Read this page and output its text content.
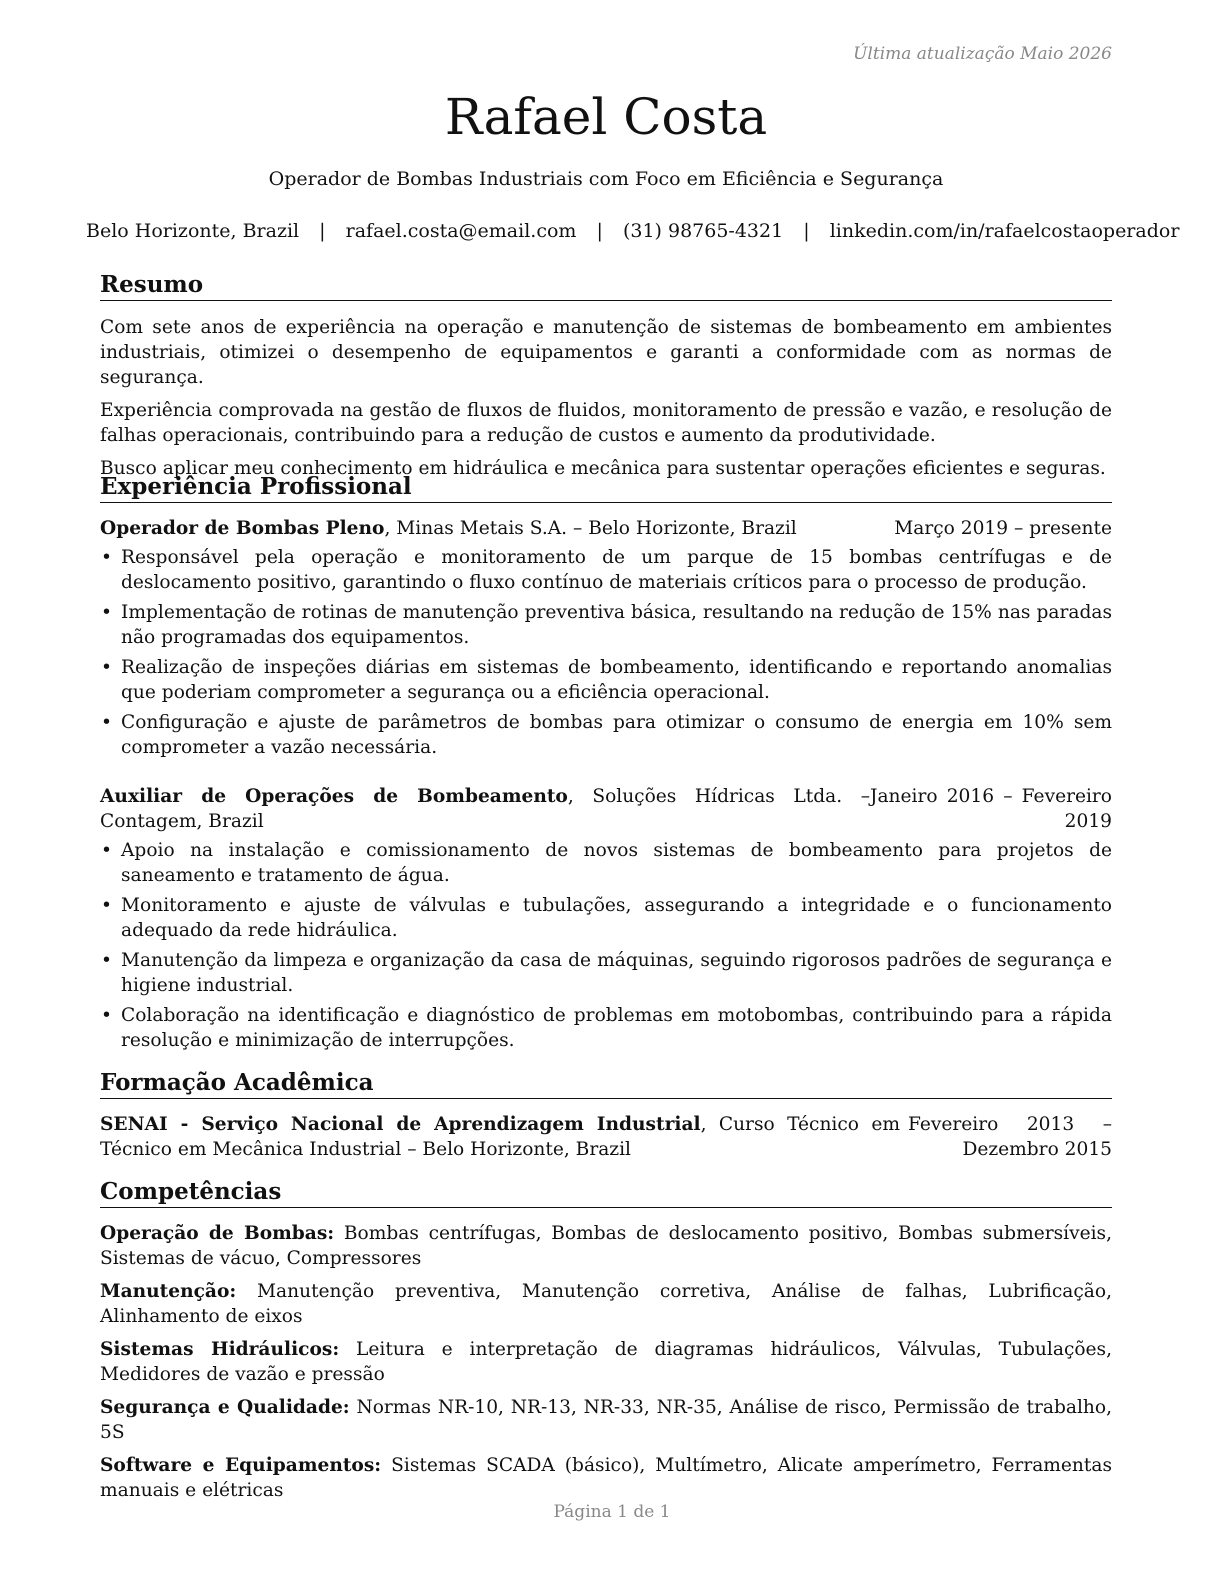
Última atualização Maio 2026
Rafael Costa
Operador de Bombas Industriais com Foco em Eficiência e Segurança
Belo Horizonte, Brazil | rafael.costa@email.com | (31) 98765-4321 | linkedin.com/in/rafaelcostaoperador
Resumo

Com sete anos de experiência na operação e manutenção de sistemas de bombeamento em ambientes industriais, otimizei o desempenho de equipamentos e garanti a conformidade com as normas de segurança.

Experiência comprovada na gestão de fluxos de fluidos, monitoramento de pressão e vazão, e resolução de falhas operacionais, contribuindo para a redução de custos e aumento da produtividade.

Busco aplicar meu conhecimento em hidráulica e mecânica para sustentar operações eficientes e seguras.

Experiência Profissional
Operador de Bombas Pleno, Minas Metais S.A. – Belo Horizonte, Brazil	Março 2019 – presente
• Responsável pela operação e monitoramento de um parque de 15 bombas centrífugas e de deslocamento positivo, garantindo o fluxo contínuo de materiais críticos para o processo de produção.
• Implementação de rotinas de manutenção preventiva básica, resultando na redução de 15% nas paradas não programadas dos equipamentos.
• Realização de inspeções diárias em sistemas de bombeamento, identificando e reportando anomalias que poderiam comprometer a segurança ou a eficiência operacional.
• Configuração e ajuste de parâmetros de bombas para otimizar o consumo de energia em 10% sem comprometer a vazão necessária.
Auxiliar de Operações de Bombeamento, Soluções Hídricas Ltda. – Contagem, Brazil
Janeiro 2016 – Fevereiro 2019
• Apoio na instalação e comissionamento de novos sistemas de bombeamento para projetos de saneamento e tratamento de água.
• Monitoramento e ajuste de válvulas e tubulações, assegurando a integridade e o funcionamento adequado da rede hidráulica.
• Manutenção da limpeza e organização da casa de máquinas, seguindo rigorosos padrões de segurança e higiene industrial.
• Colaboração na identificação e diagnóstico de problemas em motobombas, contribuindo para a rápida resolução e minimização de interrupções.
Formação Acadêmica
SENAI - Serviço Nacional de Aprendizagem Industrial, Curso Técnico em Técnico em Mecânica Industrial – Belo Horizonte, Brazil
Fevereiro 2013 – Dezembro 2015
Competências

Operação de Bombas: Bombas centrífugas, Bombas de deslocamento positivo, Bombas submersíveis, Sistemas de vácuo, Compressores

Manutenção: Manutenção preventiva, Manutenção corretiva, Análise de falhas, Lubrificação, Alinhamento de eixos

Sistemas Hidráulicos: Leitura e interpretação de diagramas hidráulicos, Válvulas, Tubulações, Medidores de vazão e pressão

Segurança e Qualidade: Normas NR-10, NR-13, NR-33, NR-35, Análise de risco, Permissão de trabalho, 5S

Software e Equipamentos: Sistemas SCADA (básico), Multímetro, Alicate amperímetro, Ferramentas manuais e elétricas

Página 1 de 1
